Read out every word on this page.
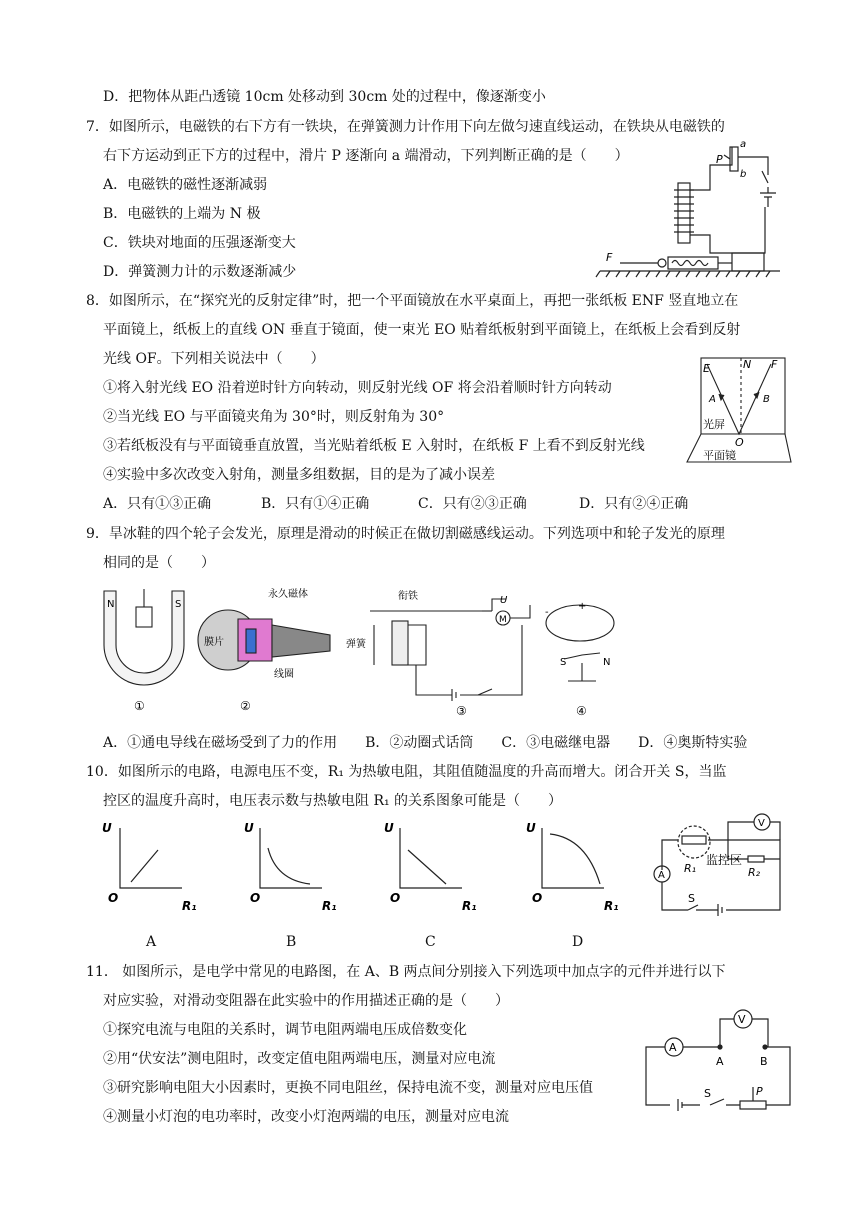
D．把物体从距凸透镜 10cm 处移动到 30cm 处的过程中，像逐渐变小
7．如图所示，电磁铁的右下方有一铁块，在弹簧测力计作用下向左做匀速直线运动，在铁块从电磁铁的
右下方运动到正下方的过程中，滑片 P 逐渐向 a 端滑动，下列判断正确的是（　　）
A．电磁铁的磁性逐渐减弱
B．电磁铁的上端为 N 极
C．铁块对地面的压强逐渐变大
D．弹簧测力计的示数逐渐减少
P
a
b
F
8．如图所示，在“探究光的反射定律”时，把一个平面镜放在水平桌面上，再把一张纸板 ENF 竖直地立在
平面镜上，纸板上的直线 ON 垂直于镜面，使一束光 EO 贴着纸板射到平面镜上，在纸板上会看到反射
光线 OF。下列相关说法中（　　）
①将入射光线 EO 沿着逆时针方向转动，则反射光线 OF 将会沿着顺时针方向转动
②当光线 EO 与平面镜夹角为 30°时，则反射角为 30°
③若纸板没有与平面镜垂直放置，当光贴着纸板 E 入射时，在纸板 F 上看不到反射光线
④实验中多次改变入射角，测量多组数据，目的是为了减小误差
A．只有①③正确	B．只有①④正确	C．只有②③正确	D．只有②④正确
E	N F
A	B
O
光屏
平面镜
9．旱冰鞋的四个轮子会发光，原理是滑动的时候正在做切割磁感线运动。下列选项中和轮子发光的原理
相同的是（　　）
N	S
①
永久磁体
膜片
线圈
②
衔铁
弹簧
U
M
③
-
+
S	N
④
A．①通电导线在磁场受到了力的作用　　B．②动圈式话筒　　C．③电磁继电器　　D．④奥斯特实验
10．如图所示的电路，电源电压不变，R₁ 为热敏电阻，其阻值随温度的升高而增大。闭合开关 S，当监
控区的温度升高时，电压表示数与热敏电阻 R₁ 的关系图象可能是（　　）
U
O
R₁
U
O
R₁
U
O
R₁
U
O
R₁
A	B	C	D
A
V
R₁	R₂
监控区
S
11． 如图所示，是电学中常见的电路图，在 A、B 两点间分别接入下列选项中加点字的元件并进行以下
对应实验，对滑动变阻器在此实验中的作用描述正确的是（　　）
①探究电流与电阻的关系时，调节电阻两端电压成倍数变化
②用“伏安法”测电阻时，改变定值电阻两端电压，测量对应电流
③研究影响电阻大小因素时，更换不同电阻丝，保持电流不变，测量对应电压值
④测量小灯泡的电功率时，改变小灯泡两端的电压，测量对应电流
A
V
A	B
S	P
